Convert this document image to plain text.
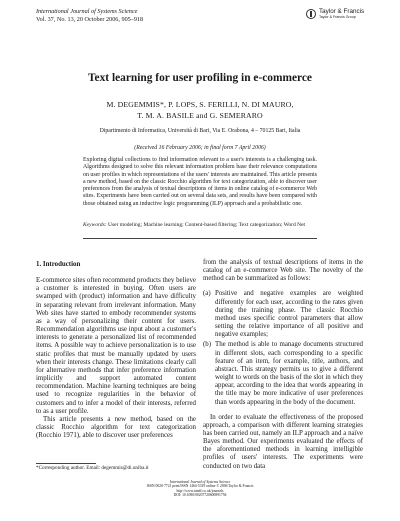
International Journal of Systems Science
Vol. 37, No. 13, 20 October 2006, 905–918
Taylor & Francis
Taylor & Francis Group
Text learning for user profiling in e-commerce
M. DEGEMMIS*, P. LOPS, S. FERILLI, N. DI MAURO,
T. M. A. BASILE and G. SEMERARO
Dipartimento di Informatica, Università di Bari, Via E. Orabona, 4 – 70125 Bari, Italia
(Received 16 February 2006; in final form 7 April 2006)

Exploring digital collections to find information relevant to a user's interests is a challenging task. Algorithms designed to solve this relevant information problem base their relevance computations on user profiles in which representations of the users' interests are maintained. This article presents a new method, based on the classic Rocchio algorithm for text categorization, able to discover user preferences from the analysis of textual descriptions of items in online catalog of e-commerce Web sites. Experiments have been carried out on several data sets, and results have been compared with those obtained using an inductive logic programming (ILP) approach and a probabilistic one.

Keywords: User modeling; Machine learning; Content-based filtering; Text categorization; Word Net

1. Introduction

E-commerce sites often recommend products they believe a customer is interested in buying. Often users are swamped with (product) information and have difficulty in separating relevant from irrelevant information. Many Web sites have started to embody recommender systems as a way of personalizing their content for users. Recommendation algorithms use input about a customer's interests to generate a personalized list of recommended items. A possible way to achieve personalization is to use static profiles that must be manually updated by users when their interests change. These limitations clearly call for alternative methods that infer preference information implicitly and support automated content recommendation. Machine learning techniques are being used to recognize regularities in the behavior of customers and to infer a model of their interests, referred to as a user profile.

This article presents a new method, based on the classic Rocchio algorithm for text categorization (Rocchio 1971), able to discover user preferences

from the analysis of textual descriptions of items in the catalog of an e-commerce Web site. The novelty of the method can be summarized as follows:

(a) Positive and negative examples are weighted differently for each user, according to the rates given during the training phase. The classic Rocchio method uses specific control parameters that allow setting the relative importance of all positive and negative examples;
(b) The method is able to manage documents structured in different slots, each corresponding to a specific feature of an item, for example, title, authors, and abstract. This strategy permits us to give a different weight to words on the basis of the slot in which they appear, according to the idea that words appearing in the title may be more indicative of user preferences than words appearing in the body of the document.

In order to evaluate the effectiveness of the proposed approach, a comparison with different learning strategies has been carried out, namely an ILP approach and a naïve Bayes method. Our experiments evaluated the effects of the aforementioned methods in learning intelligible profiles of users' interests. The experiments were conducted on two data

*Corresponding author. Email: degemmis@di.uniba.it
International Journal of Systems Science
ISSN 0020-7721 print/ISSN 1464-5319 online © 2006 Taylor & Francis
http://www.tandf.co.uk/journals
DOI: 10.1080/00207720600891794
